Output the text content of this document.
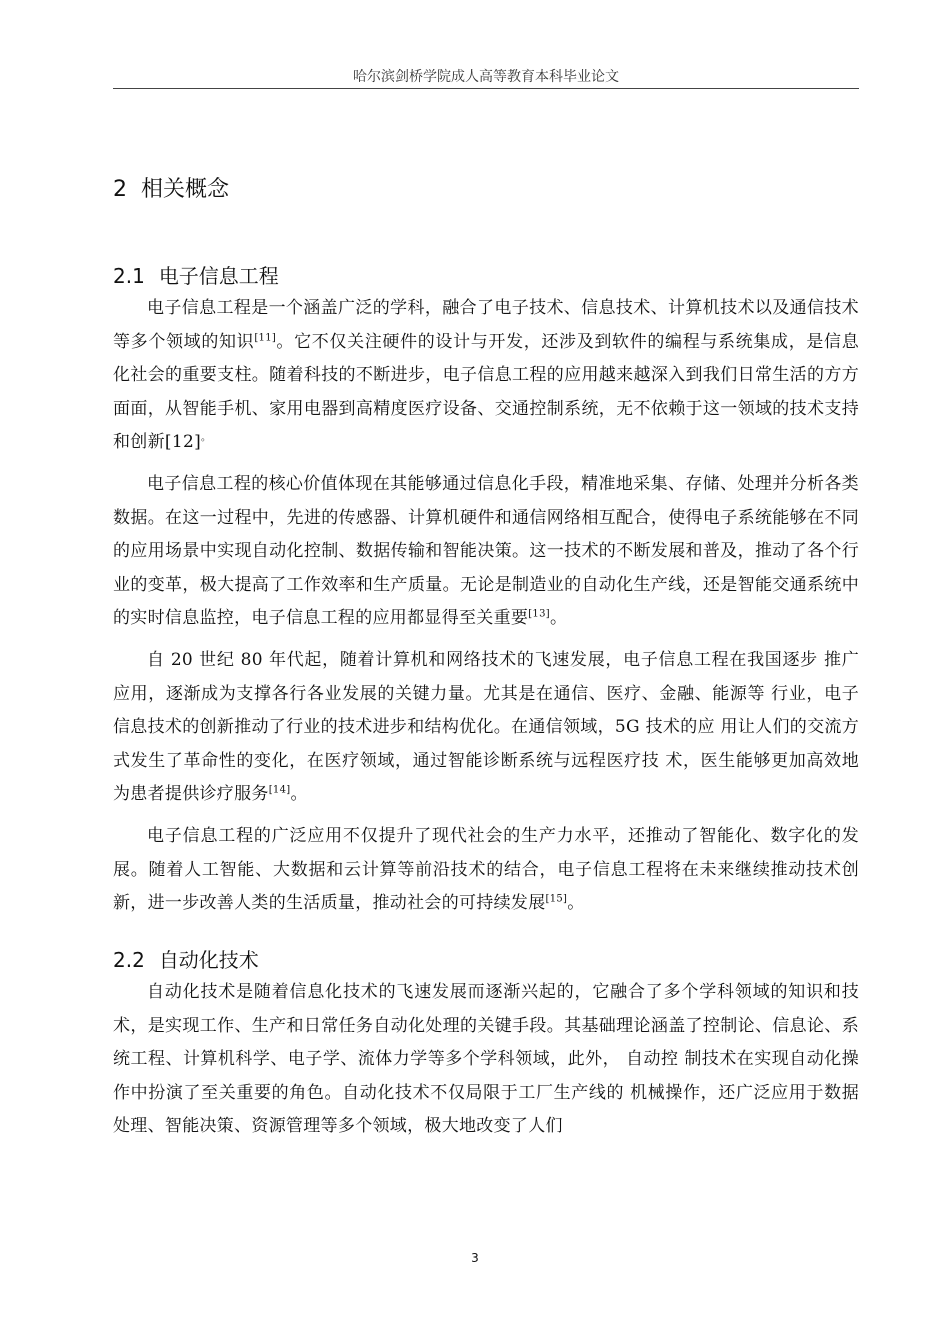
哈尔滨剑桥学院成人高等教育本科毕业论文
2 相关概念
2.1 电子信息工程

电子信息工程是一个涵盖广泛的学科，融合了电子技术、信息技术、计算机技术以及通信技术等多个领域的知识[11]。它不仅关注硬件的设计与开发，还涉及到软件的编程与系统集成，是信息化社会的重要支柱。随着科技的不断进步，电子信息工程的应用越来越深入到我们日常生活的方方面面，从智能手机、家用电器到高精度医疗设备、交通控制系统，无不依赖于这一领域的技术支持和创新[12]。

电子信息工程的核心价值体现在其能够通过信息化手段，精准地采集、存储、处理并分析各类数据。在这一过程中，先进的传感器、计算机硬件和通信网络相互配合，使得电子系统能够在不同的应用场景中实现自动化控制、数据传输和智能决策。这一技术的不断发展和普及，推动了各个行业的变革，极大提高了工作效率和生产质量。无论是制造业的自动化生产线，还是智能交通系统中的实时信息监控，电子信息工程的应用都显得至关重要[13]。

自 20 世纪 80 年代起，随着计算机和网络技术的飞速发展，电子信息工程在我国逐步 推广应用，逐渐成为支撑各行各业发展的关键力量。尤其是在通信、医疗、金融、能源等 行业，电子信息技术的创新推动了行业的技术进步和结构优化。在通信领域，5G 技术的应 用让人们的交流方式发生了革命性的变化，在医疗领域，通过智能诊断系统与远程医疗技 术，医生能够更加高效地为患者提供诊疗服务[14]。

电子信息工程的广泛应用不仅提升了现代社会的生产力水平，还推动了智能化、数字化的发展。随着人工智能、大数据和云计算等前沿技术的结合，电子信息工程将在未来继续推动技术创新，进一步改善人类的生活质量，推动社会的可持续发展[15]。

2.2 自动化技术

自动化技术是随着信息化技术的飞速发展而逐渐兴起的，它融合了多个学科领域的知识和技术，是实现工作、生产和日常任务自动化处理的关键手段。其基础理论涵盖了控制论、信息论、系统工程、计算机科学、电子学、流体力学等多个学科领域，此外， 自动控 制技术在实现自动化操作中扮演了至关重要的角色。自动化技术不仅局限于工厂生产线的 机械操作，还广泛应用于数据处理、智能决策、资源管理等多个领域，极大地改变了人们

3
